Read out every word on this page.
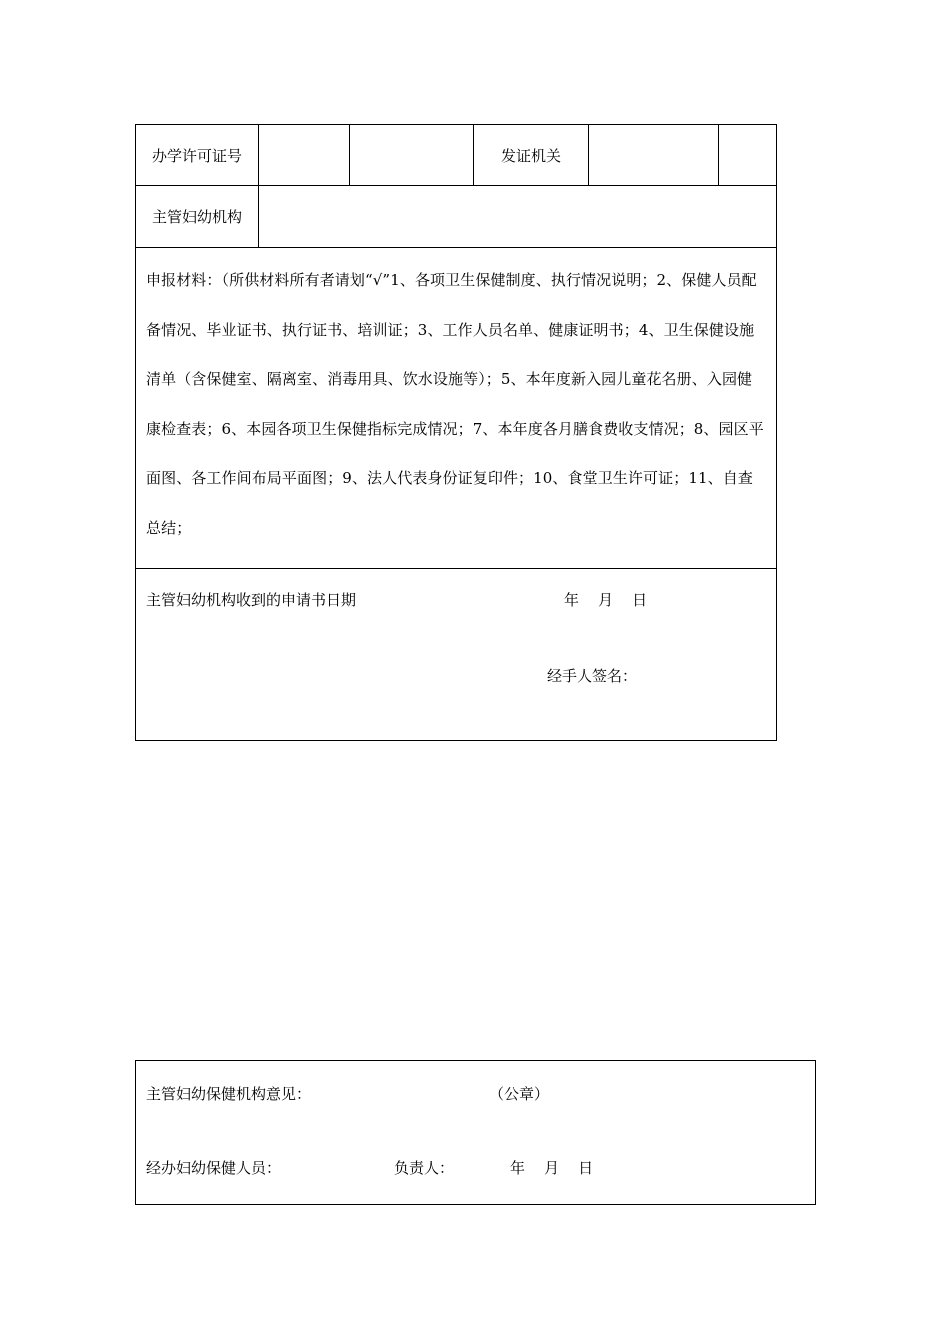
办学许可证号			发证机关		
主管妇幼机构					
申报材料：（所供材料所有者请划“√”1、各项卫生保健制度、执行情况说明；2、保健人员配备情况、毕业证书、执行证书、培训证；3、工作人员名单、健康证明书；4、卫生保健设施清单（含保健室、隔离室、消毒用具、饮水设施等）；5、本年度新入园儿童花名册、入园健康检查表；6、本园各项卫生保健指标完成情况；7、本年度各月膳食费收支情况；8、园区平面图、各工作间布局平面图；9、法人代表身份证复印件；10、食堂卫生许可证；11、自查总结；					

主管妇幼机构收到的申请书日期 年    月    日
经手人签名：					
主管妇幼保健机构意见：	（公章）
经办妇幼保健人员：	负责人：	年    月    日
